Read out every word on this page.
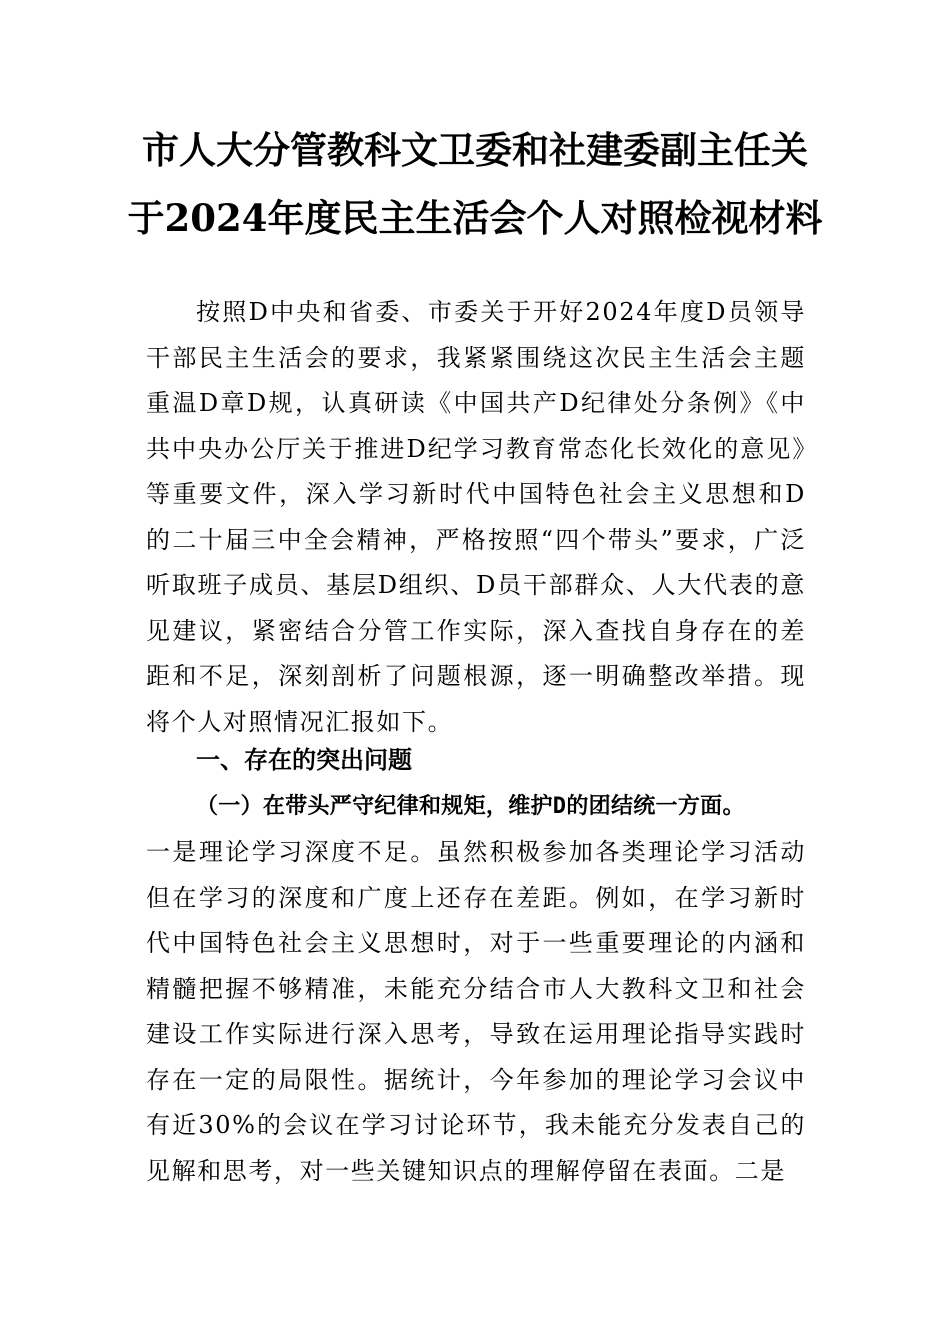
市人大分管教科文卫委和社建委副主任关
于2024年度民主生活会个人对照检视材料

按照D中央和省委、市委关于开好2024年度D员领导干部民主生活会的要求，我紧紧围绕这次民主生活会主题重温D章D规，认真研读《中国共产D纪律处分条例》《中共中央办公厅关于推进D纪学习教育常态化长效化的意见》等重要文件，深入学习新时代中国特色社会主义思想和D的二十届三中全会精神，严格按照“四个带头”要求，广泛听取班子成员、基层D组织、D员干部群众、人大代表的意见建议，紧密结合分管工作实际，深入查找自身存在的差距和不足，深刻剖析了问题根源，逐一明确整改举措。现将个人对照情况汇报如下。

一、存在的突出问题
（一）在带头严守纪律和规矩，维护D的团结统一方面。

一是理论学习深度不足。虽然积极参加各类理论学习活动但在学习的深度和广度上还存在差距。例如，在学习新时代中国特色社会主义思想时，对于一些重要理论的内涵和精髓把握不够精准，未能充分结合市人大教科文卫和社会建设工作实际进行深入思考，导致在运用理论指导实践时存在一定的局限性。据统计，今年参加的理论学习会议中有近30%的会议在学习讨论环节，我未能充分发表自己的见解和思考，对一些关键知识点的理解停留在表面。二是
